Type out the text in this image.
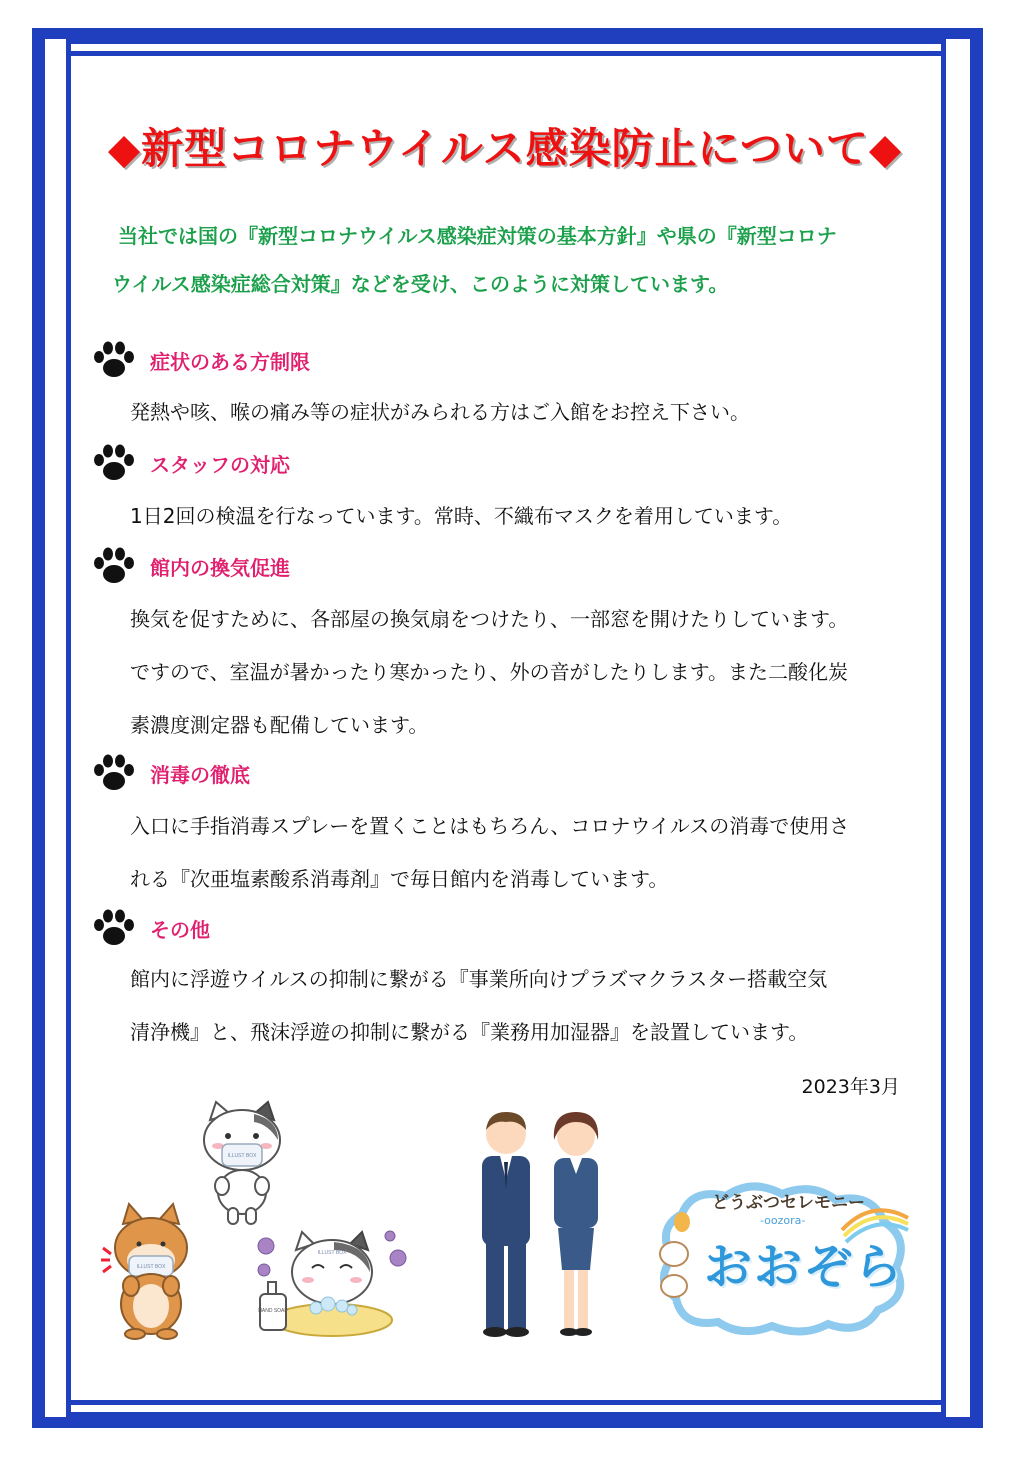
◆新型コロナウイルス感染防止について◆
当社では国の『新型コロナウイルス感染症対策の基本方針』や県の『新型コロナ
ウイルス感染症総合対策』などを受け、このように対策しています。
症状のある方制限
発熱や咳、喉の痛み等の症状がみられる方はご入館をお控え下さい。
スタッフの対応
1日2回の検温を行なっています。常時、不織布マスクを着用しています。
館内の換気促進
換気を促すために、各部屋の換気扇をつけたり、一部窓を開けたりしています。
ですので、室温が暑かったり寒かったり、外の音がしたりします。また二酸化炭
素濃度測定器も配備しています。
消毒の徹底
入口に手指消毒スプレーを置くことはもちろん、コロナウイルスの消毒で使用さ
れる『次亜塩素酸系消毒剤』で毎日館内を消毒しています。
その他
館内に浮遊ウイルスの抑制に繋がる『事業所向けプラズマクラスター搭載空気
清浄機』と、飛沫浮遊の抑制に繋がる『業務用加湿器』を設置しています。
2023年3月
ILLUST BOX
ILLUST BOX
ILLUST BOX
HAND SOAP
どうぶつセレモニー
-oozora-
おおぞら
